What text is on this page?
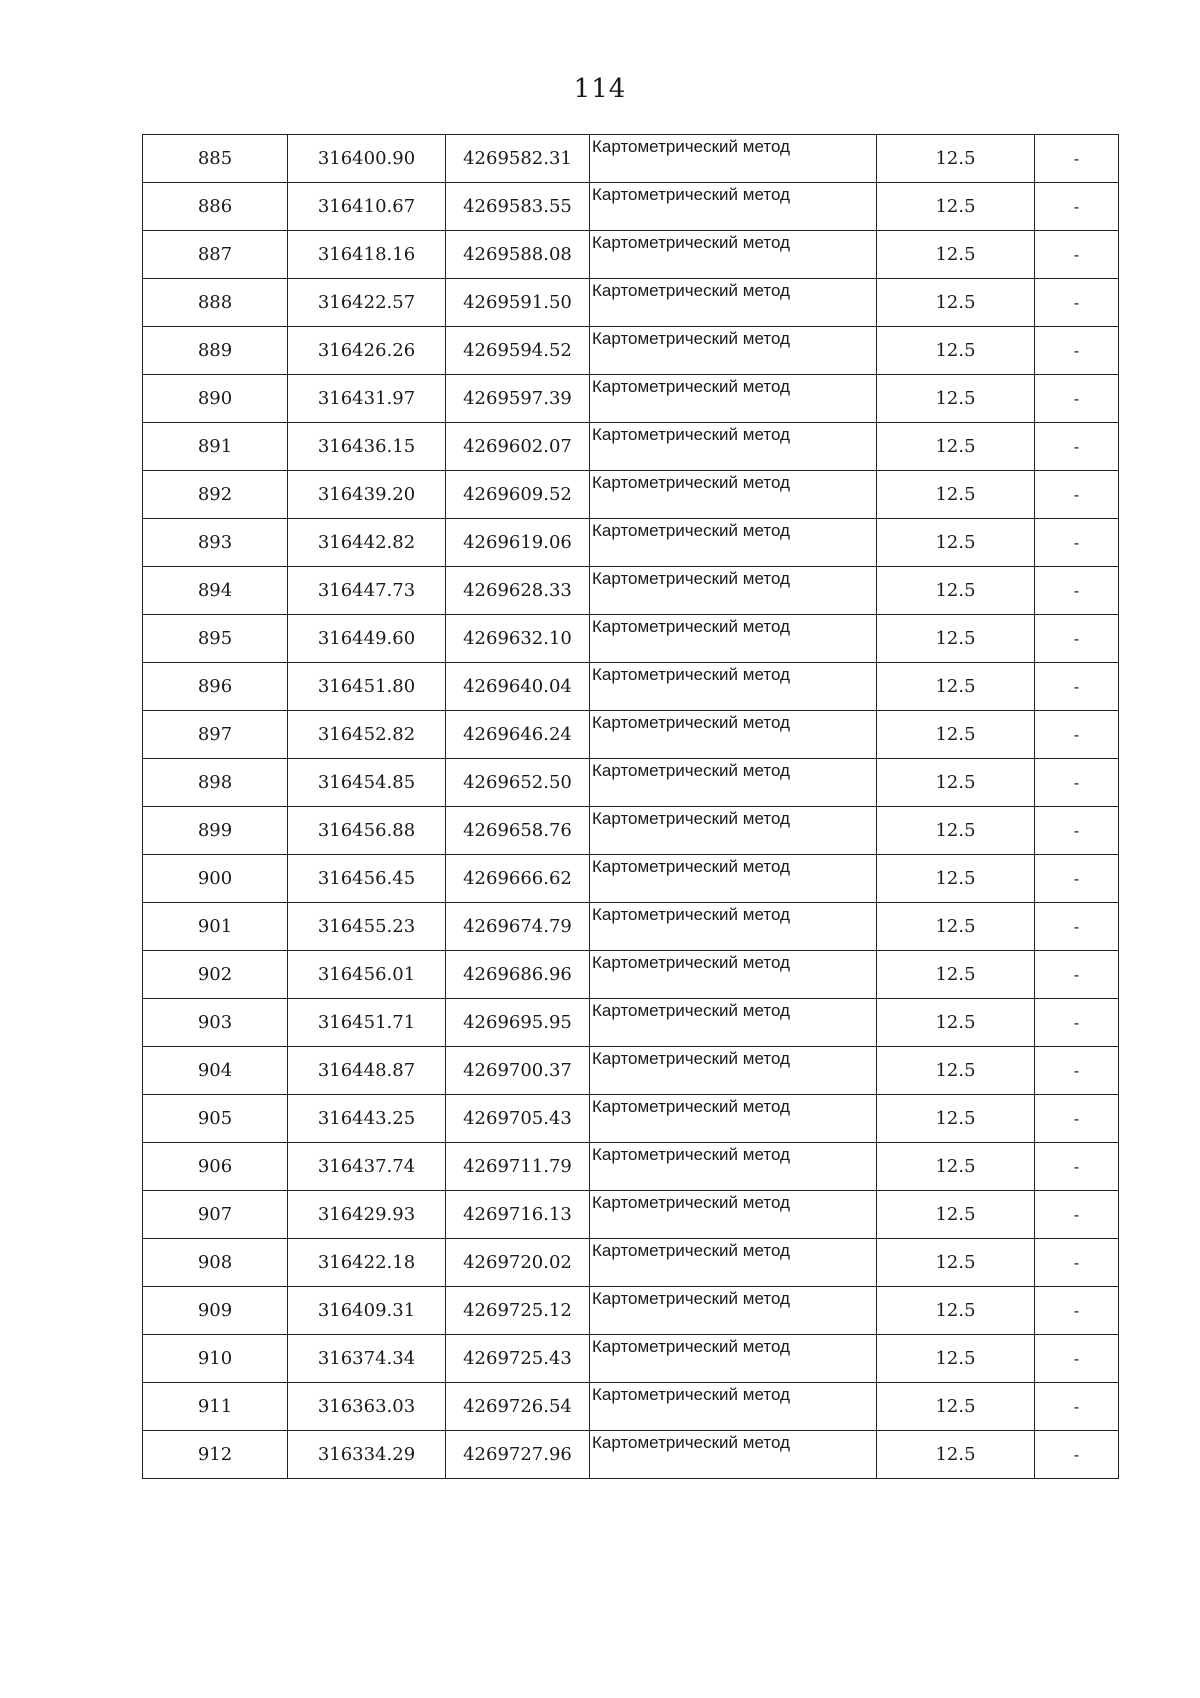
114
885	316400.90	4269582.31	Картометрический метод	12.5	-
886	316410.67	4269583.55	Картометрический метод	12.5	-
887	316418.16	4269588.08	Картометрический метод	12.5	-
888	316422.57	4269591.50	Картометрический метод	12.5	-
889	316426.26	4269594.52	Картометрический метод	12.5	-
890	316431.97	4269597.39	Картометрический метод	12.5	-
891	316436.15	4269602.07	Картометрический метод	12.5	-
892	316439.20	4269609.52	Картометрический метод	12.5	-
893	316442.82	4269619.06	Картометрический метод	12.5	-
894	316447.73	4269628.33	Картометрический метод	12.5	-
895	316449.60	4269632.10	Картометрический метод	12.5	-
896	316451.80	4269640.04	Картометрический метод	12.5	-
897	316452.82	4269646.24	Картометрический метод	12.5	-
898	316454.85	4269652.50	Картометрический метод	12.5	-
899	316456.88	4269658.76	Картометрический метод	12.5	-
900	316456.45	4269666.62	Картометрический метод	12.5	-
901	316455.23	4269674.79	Картометрический метод	12.5	-
902	316456.01	4269686.96	Картометрический метод	12.5	-
903	316451.71	4269695.95	Картометрический метод	12.5	-
904	316448.87	4269700.37	Картометрический метод	12.5	-
905	316443.25	4269705.43	Картометрический метод	12.5	-
906	316437.74	4269711.79	Картометрический метод	12.5	-
907	316429.93	4269716.13	Картометрический метод	12.5	-
908	316422.18	4269720.02	Картометрический метод	12.5	-
909	316409.31	4269725.12	Картометрический метод	12.5	-
910	316374.34	4269725.43	Картометрический метод	12.5	-
911	316363.03	4269726.54	Картометрический метод	12.5	-
912	316334.29	4269727.96	Картометрический метод	12.5	-
